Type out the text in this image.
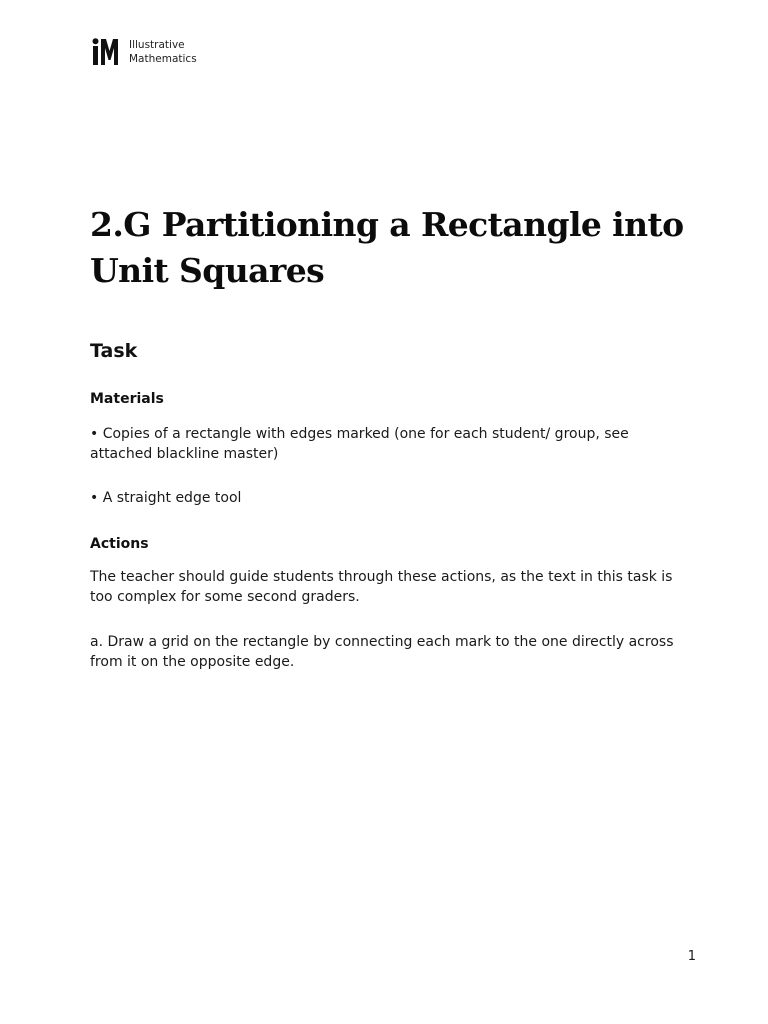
Illustrative
Mathematics
2.G Partitioning a Rectangle into Unit Squares
Task
Materials

• Copies of a rectangle with edges marked (one for each student/ group, see attached blackline master)

• A straight edge tool

Actions

The teacher should guide students through these actions, as the text in this task is too complex for some second graders.

a. Draw a grid on the rectangle by connecting each mark to the one directly across from it on the opposite edge.

1
